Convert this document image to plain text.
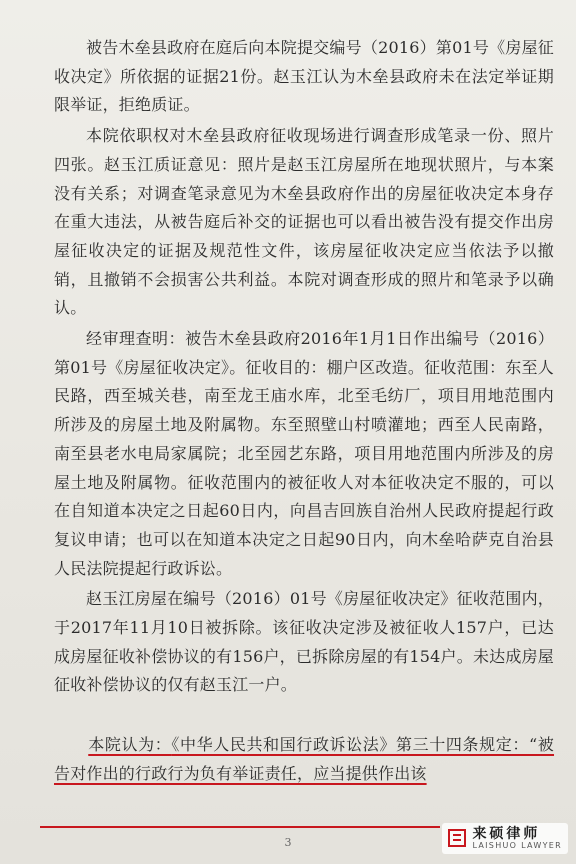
被告木垒县政府在庭后向本院提交编号（2016）第01号《房屋征收决定》所依据的证据21份。赵玉江认为木垒县政府未在法定举证期限举证，拒绝质证。

本院依职权对木垒县政府征收现场进行调查形成笔录一份、照片四张。赵玉江质证意见：照片是赵玉江房屋所在地现状照片，与本案没有关系；对调查笔录意见为木垒县政府作出的房屋征收决定本身存在重大违法，从被告庭后补交的证据也可以看出被告没有提交作出房屋征收决定的证据及规范性文件，该房屋征收决定应当依法予以撤销，且撤销不会损害公共利益。本院对调查形成的照片和笔录予以确认。

经审理查明：被告木垒县政府2016年1月1日作出编号（2016）第01号《房屋征收决定》。征收目的：棚户区改造。征收范围：东至人民路，西至城关巷，南至龙王庙水库，北至毛纺厂，项目用地范围内所涉及的房屋土地及附属物。东至照壁山村喷灌地；西至人民南路，南至县老水电局家属院；北至园艺东路，项目用地范围内所涉及的房屋土地及附属物。征收范围内的被征收人对本征收决定不服的，可以在自知道本决定之日起60日内，向昌吉回族自治州人民政府提起行政复议申请；也可以在知道本决定之日起90日内，向木垒哈萨克自治县人民法院提起行政诉讼。

赵玉江房屋在编号（2016）01号《房屋征收决定》征收范围内，于2017年11月10日被拆除。该征收决定涉及被征收人157户，已达成房屋征收补偿协议的有156户，已拆除房屋的有154户。未达成房屋征收补偿协议的仅有赵玉江一户。

本院认为：《中华人民共和国行政诉讼法》第三十四条规定：“被告对作出的行政行为负有举证责任，应当提供作出该

3
来硕律师
LAISHUO LAWYER
